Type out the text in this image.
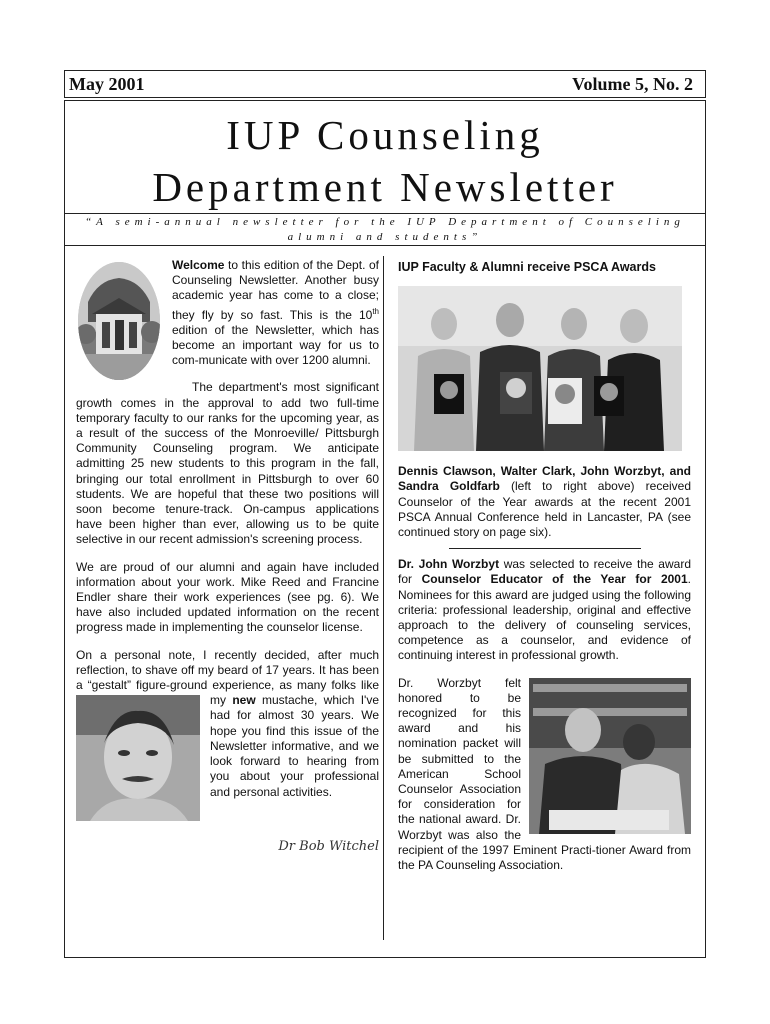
May 2001	Volume 5, No. 2
IUP Counseling
Department Newsletter
“A semi-annual newsletter for the IUP Department of Counseling
alumni and students”

Welcome to this edition of the Dept. of Counseling Newsletter. Another busy academic year has come to a close; they fly by so fast. This is the 10th edition of the Newsletter, which has become an important way for us to com-municate with over 1200 alumni.

The department's most significant growth comes in the approval to add two full-time temporary faculty to our ranks for the upcoming year, as a result of the success of the Monroeville/ Pittsburgh Community Counseling program. We anticipate admitting 25 new students to this program in the fall, bringing our total enrollment in Pittsburgh to over 60 students. We are hopeful that these two positions will soon become tenure-track. On-campus applications have been higher than ever, allowing us to be quite selective in our recent admission's screening process.

We are proud of our alumni and again have included information about your work. Mike Reed and Francine Endler share their work experiences (see pg. 6). We have also included updated information on the recent progress made in implementing the counselor license.

On a personal note, I recently decided, after much reflection, to shave off my beard of 17 years. It has been a “gestalt” figure-ground experience, as many folks like my
new mustache, which I've had for almost 30 years. We hope you find this issue of the Newsletter informative, and we look forward to hearing from you about your professional and personal activities.

Dr Bob Witchel
IUP Faculty & Alumni receive PSCA Awards

Dennis Clawson, Walter Clark, John Worzbyt, and Sandra Goldfarb (left to right above) received Counselor of the Year awards at the recent 2001 PSCA Annual Conference held in Lancaster, PA (see continued story on page six).

Dr. John Worzbyt was selected to receive the award for Counselor Educator of the Year for 2001. Nominees for this award are judged using the following criteria: professional leadership, original and effective approach to the delivery of counseling services, competence as a counselor, and evidence of continuing interest in professional growth.

Dr. Worzbyt felt honored to be recognized for this award and his nomination packet will be submitted to the American School Counselor Association for consideration for the national award. Dr. Worzbyt was also the recipient of the 1997 Eminent Practi-tioner Award from the PA Counseling Association.
